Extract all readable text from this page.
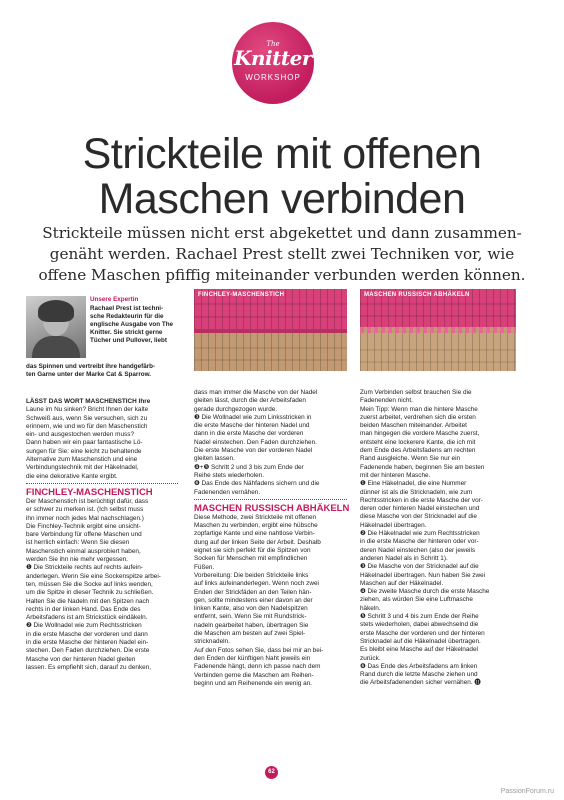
The
Knitter
WORKSHOP
Strickteile mit offenen
Maschen verbinden
Strickteile müssen nicht erst abgekettet und dann zusammen-
genäht werden. Rachael Prest stellt zwei Techniken vor, wie
offene Maschen pfiffig miteinander verbunden werden können.
Unsere Expertin
Rachael Prest ist techni-
sche Redakteurin für die
englische Ausgabe von The
Knitter. Sie strickt gerne
Tücher und Pullover, liebt
das Spinnen und vertreibt ihre handgefärb-
ten Garne unter der Marke Cat & Sparrow.
FINCHLEY-MASCHENSTICH	MASCHEN RUSSISCH ABHÄKELN
LÄSST DAS WORT MASCHENSTICH Ihre
Laune im Nu sinken? Bricht Ihnen der kalte
Schweiß aus, wenn Sie versuchen, sich zu
erinnern, wie und wo für den Maschenstich
ein- und ausgestochen werden muss?
Dann haben wir ein paar fantastische Lö-
sungen für Sie: eine leicht zu behaltende
Alternative zum Maschenstich und eine
Verbindungstechnik mit der Häkelnadel,
die eine dekorative Kante ergibt.
FINCHLEY-MASCHENSTICH
Der Maschenstich ist berüchtigt dafür, dass
er schwer zu merken ist. (Ich selbst muss
ihn immer noch jedes Mal nachschlagen.)
Die Finchley-Technik ergibt eine unsicht-
bare Verbindung für offene Maschen und
ist herrlich einfach: Wenn Sie diesen
Maschenstich einmal ausprobiert haben,
werden Sie ihn nie mehr vergessen.
❶ Die Strickteile rechts auf rechts aufein-
anderlegen. Wenn Sie eine Sockenspitze arbei-
ten, müssen Sie die Socke auf links wenden,
um die Spitze in dieser Technik zu schließen.
Halten Sie die Nadeln mit den Spitzen nach
rechts in der linken Hand. Das Ende des
Arbeitsfadens ist am Strickstück eindäkeln.
❷ Die Wollnadel wie zum Rechtsstricken
in die erste Masche der vorderen und dann
in die erste Masche der hinteren Nadel ein-
stechen. Den Faden durchziehen. Die erste
Masche von der hinteren Nadel gleiten
lassen. Es empfiehlt sich, darauf zu denken,
dass man immer die Masche von der Nadel
gleiten lässt, durch die der Arbeitsfaden
gerade durchgezogen wurde.
❸ Die Wollnadel wie zum Linksstricken in
die erste Masche der hinteren Nadel und
dann in die erste Masche der vorderen
Nadel einstechen. Den Faden durchziehen.
Die erste Masche von der vorderen Nadel
gleiten lassen.
❹+❺ Schritt 2 und 3 bis zum Ende der
Reihe stets wiederholen.
❻ Das Ende des Nähfadens sichern und die
Fadenenden vernähen.
MASCHEN RUSSISCH ABHÄKELN
Diese Methode, zwei Strickteile mit offenen
Maschen zu verbinden, ergibt eine hübsche
zopfartige Kante und eine nahtlose Verbin-
dung auf der linken Seite der Arbeit. Deshalb
eignet sie sich perfekt für die Spitzen von
Socken für Menschen mit empfindlichen
Füßen.
Vorbereitung: Die beiden Strickteile links
auf links aufeinanderlegen. Wenn noch zwei
Enden der Strickfäden an den Teilen hän-
gen, sollte mindestens einer davon an der
linken Kante, also von den Nadelspitzen
entfernt, sein. Wenn Sie mit Rundstrick-
nadeln gearbeitet haben, übertragen Sie
die Maschen am besten auf zwei Spiel-
stricknadeln.
Auf den Fotos sehen Sie, dass bei mir an bei-
den Enden der künftigen Naht jeweils ein
Fadenende hängt, denn ich passe nach dem
Verbinden gerne die Maschen am Reihen-
beginn und am Reihenende ein wenig an.
Zum Verbinden selbst brauchen Sie die
Fadenenden nicht.
Mein Tipp: Wenn man die hintere Masche
zuerst arbeitet, verdrehen sich die ersten
beiden Maschen miteinander. Arbeitet
man hingegen die vordere Masche zuerst,
entsteht eine lockerere Kante, die ich mit
dem Ende des Arbeitsfadens am rechten
Rand ausgleiche. Wenn Sie nur ein
Fadenende haben, beginnen Sie am besten
mit der hinteren Masche.
❶ Eine Häkelnadel, die eine Nummer
dünner ist als die Stricknadeln, wie zum
Rechtsstricken in die erste Masche der vor-
deren oder hinteren Nadel einstechen und
diese Masche von der Stricknadel auf die
Häkelnadel übertragen.
❷ Die Häkelnadel wie zum Rechtsstricken
in die erste Masche der hinteren oder vor-
deren Nadel einstechen (also der jeweils
anderen Nadel als in Schritt 1).
❸ Die Masche von der Stricknadel auf die
Häkelnadel übertragen. Nun haben Sie zwei
Maschen auf der Häkelnadel.
❹ Die zweite Masche durch die erste Masche
ziehen, als würden Sie eine Luftmasche
häkeln.
❺ Schritt 3 und 4 bis zum Ende der Reihe
stets wiederholen, dabei abwechselnd die
erste Masche der vorderen und der hinteren
Stricknadel auf die Häkelnadel übertragen.
Es bleibt eine Masche auf der Häkelnadel
zurück.
❻ Das Ende des Arbeitsfadens am linken
Rand durch die letzte Masche ziehen und
die Arbeitsfadenenden sicher vernähen. ⓫
62
PassionForum.ru
